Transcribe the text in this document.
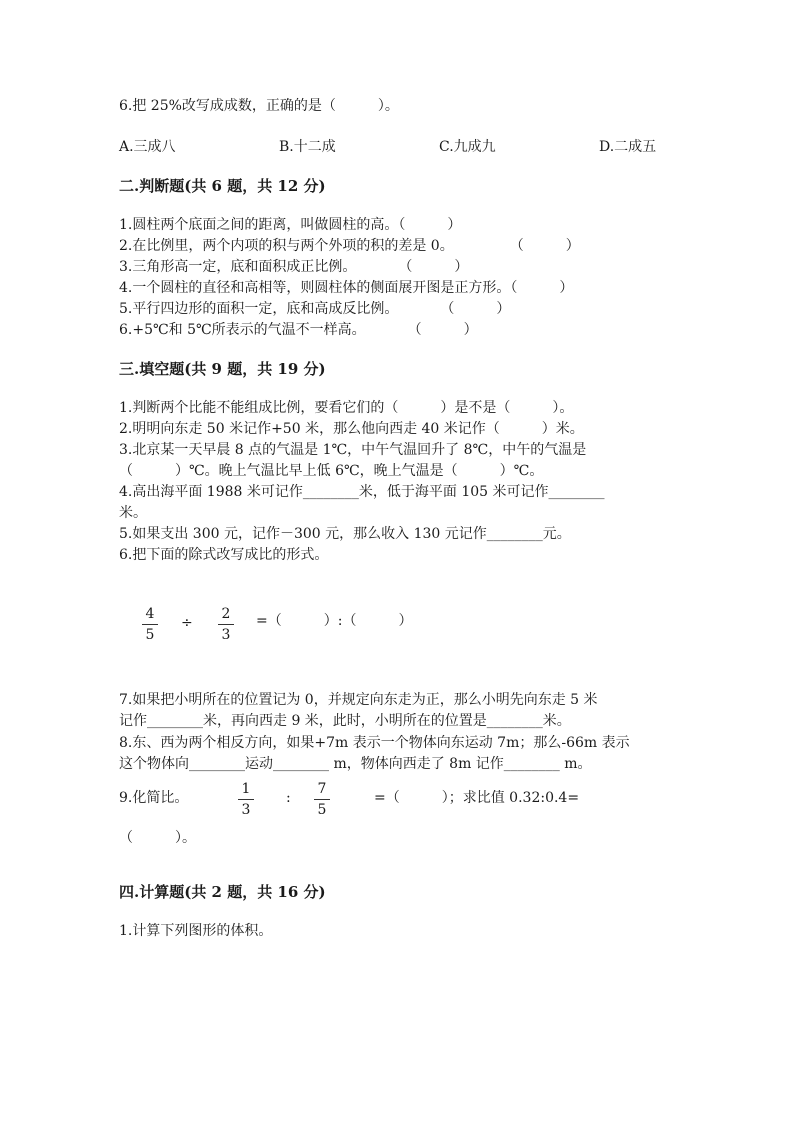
6.把 25%改写成成数，正确的是（　　　）。
A.三成八	B.十二成	C.九成九	D.二成五
二.判断题(共 6 题，共 12 分)
1.圆柱两个底面之间的距离，叫做圆柱的高。（　　　）
2.在比例里，两个内项的积与两个外项的积的差是 0。　　　　　（　　　）
3.三角形高一定，底和面积成正比例。　　　　（　　　）
4.一个圆柱的直径和高相等，则圆柱体的侧面展开图是正方形。（　　　）
5.平行四边形的面积一定，底和高成反比例。　　　　（　　　）
6.+5℃和 5℃所表示的气温不一样高。　　　　（　　　）
三.填空题(共 9 题，共 19 分)
1.判断两个比能不能组成比例，要看它们的（　　　）是不是（　　　）。
2.明明向东走 50 米记作+50 米，那么他向西走 40 米记作（　　　）米。
3.北京某一天早晨 8 点的气温是 1℃，中午气温回升了 8℃，中午的气温是
（　　　）℃。晚上气温比早上低 6℃，晚上气温是（　　　）℃。
4.高出海平面 1988 米可记作________米，低于海平面 105 米可记作________
米。
5.如果支出 300 元，记作－300 元，那么收入 130 元记作________元。
6.把下面的除式改写成比的形式。
4
5
÷
2
3
=（　　　）:（　　　）
7.如果把小明所在的位置记为 0，并规定向东走为正，那么小明先向东走 5 米
记作________米，再向西走 9 米，此时，小明所在的位置是________米。
8.东、西为两个相反方向，如果+7m 表示一个物体向东运动 7m；那么-66m 表示
这个物体向________运动________ m，物体向西走了 8m 记作________ m。
9.化简比。
1
3
:
7
5
=（　　　）；求比值 0.32:0.4=
（　　　）。
四.计算题(共 2 题，共 16 分)
1.计算下列图形的体积。
